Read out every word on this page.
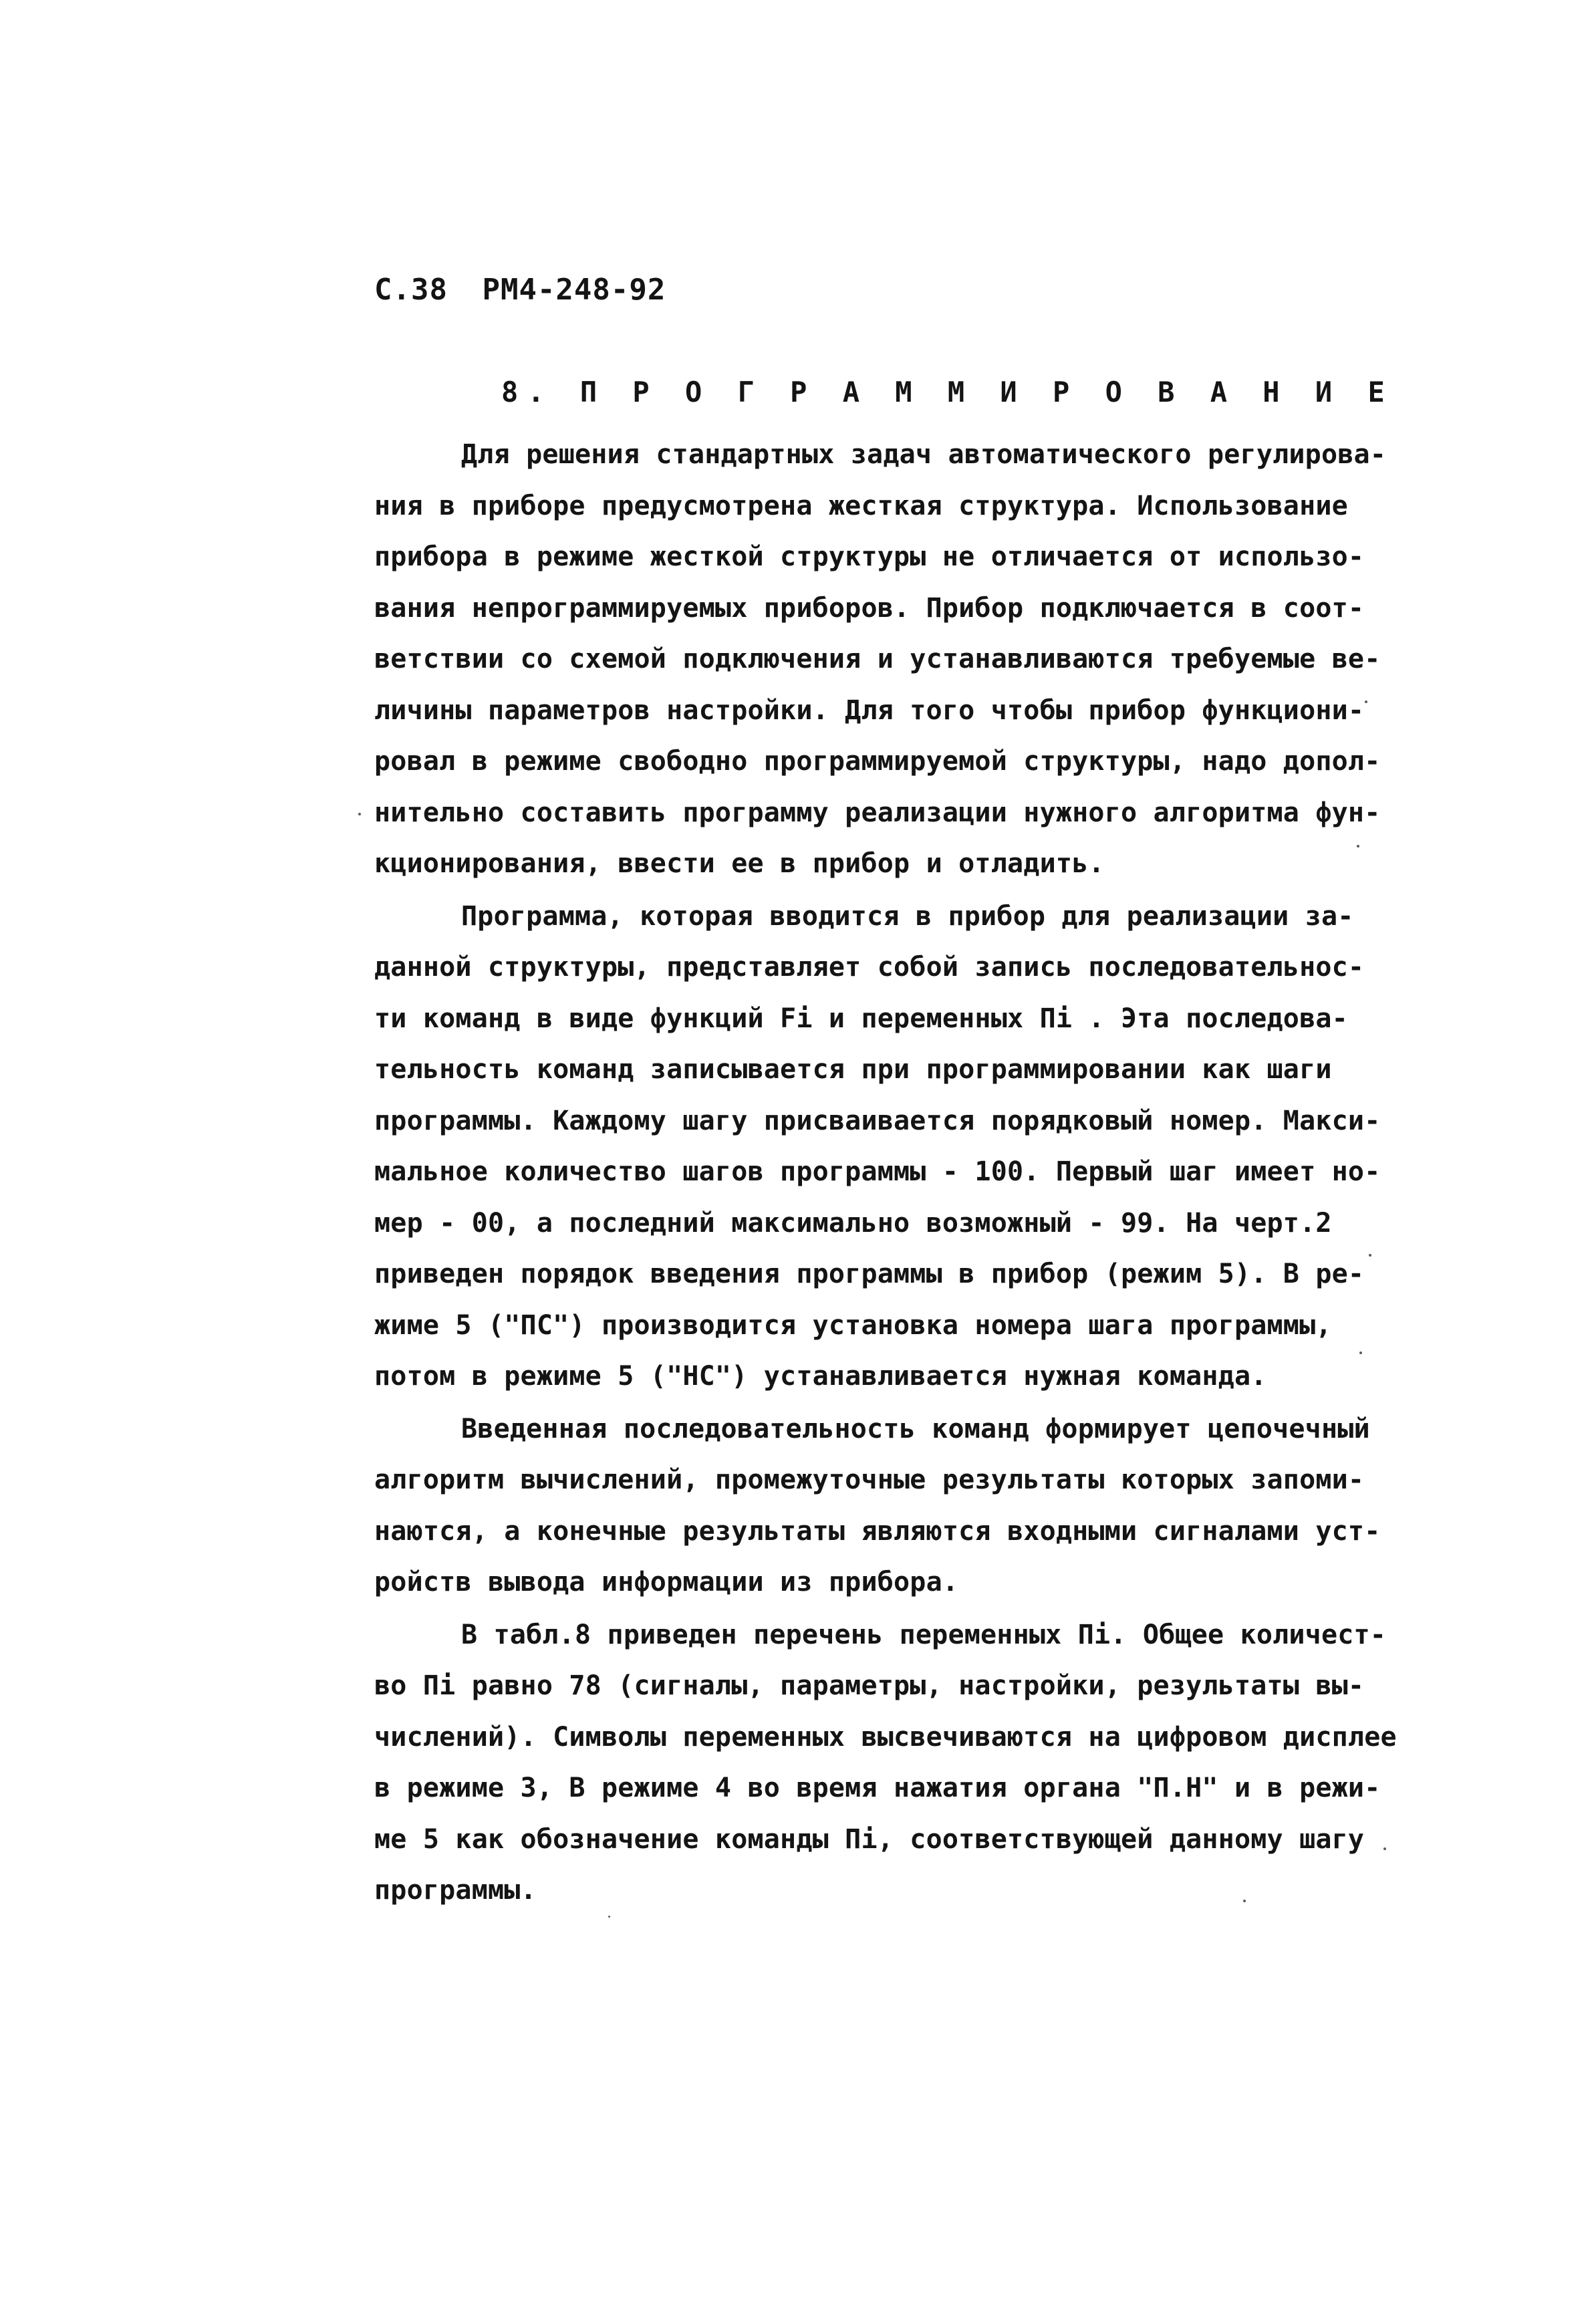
С.38 РМ4-248-92
8. П Р О Г Р А М М И Р О В А Н И Е
Для решения стандартных задач автоматического регулирова-
ния в приборе предусмотрена жесткая структура. Использование
прибора в режиме жесткой структуры не отличается от использо-
вания непрограммируемых приборов. Прибор подключается в соот-
ветствии со схемой подключения и устанавливаются требуемые ве-
личины параметров настройки. Для того чтобы прибор функциони-
ровал в режиме свободно программируемой структуры, надо допол-
нительно составить программу реализации нужного алгоритма фун-
кционирования, ввести ее в прибор и отладить.
Программа, которая вводится в прибор для реализации за-
данной структуры, представляет собой запись последовательнос-
ти команд в виде функций Fi и переменных Пi . Эта последова-
тельность команд записывается при программировании как шаги
программы. Каждому шагу присваивается порядковый номер. Макси-
мальное количество шагов программы - 100. Первый шаг имеет но-
мер - 00, а последний максимально возможный - 99. На черт.2
приведен порядок введения программы в прибор (режим 5). В ре-
жиме 5 ("ПС") производится установка номера шага программы,
потом в режиме 5 ("НС") устанавливается нужная команда.
Введенная последовательность команд формирует цепочечный
алгоритм вычислений, промежуточные результаты которых запоми-
наются, а конечные результаты являются входными сигналами уст-
ройств вывода информации из прибора.
В табл.8 приведен перечень переменных Пi. Общее количест-
во Пi равно 78 (сигналы, параметры, настройки, результаты вы-
числений). Символы переменных высвечиваются на цифровом дисплее
в режиме 3, В режиме 4 во время нажатия органа "П.Н" и в режи-
ме 5 как обозначение команды Пi, соответствующей данному шагу
программы.
